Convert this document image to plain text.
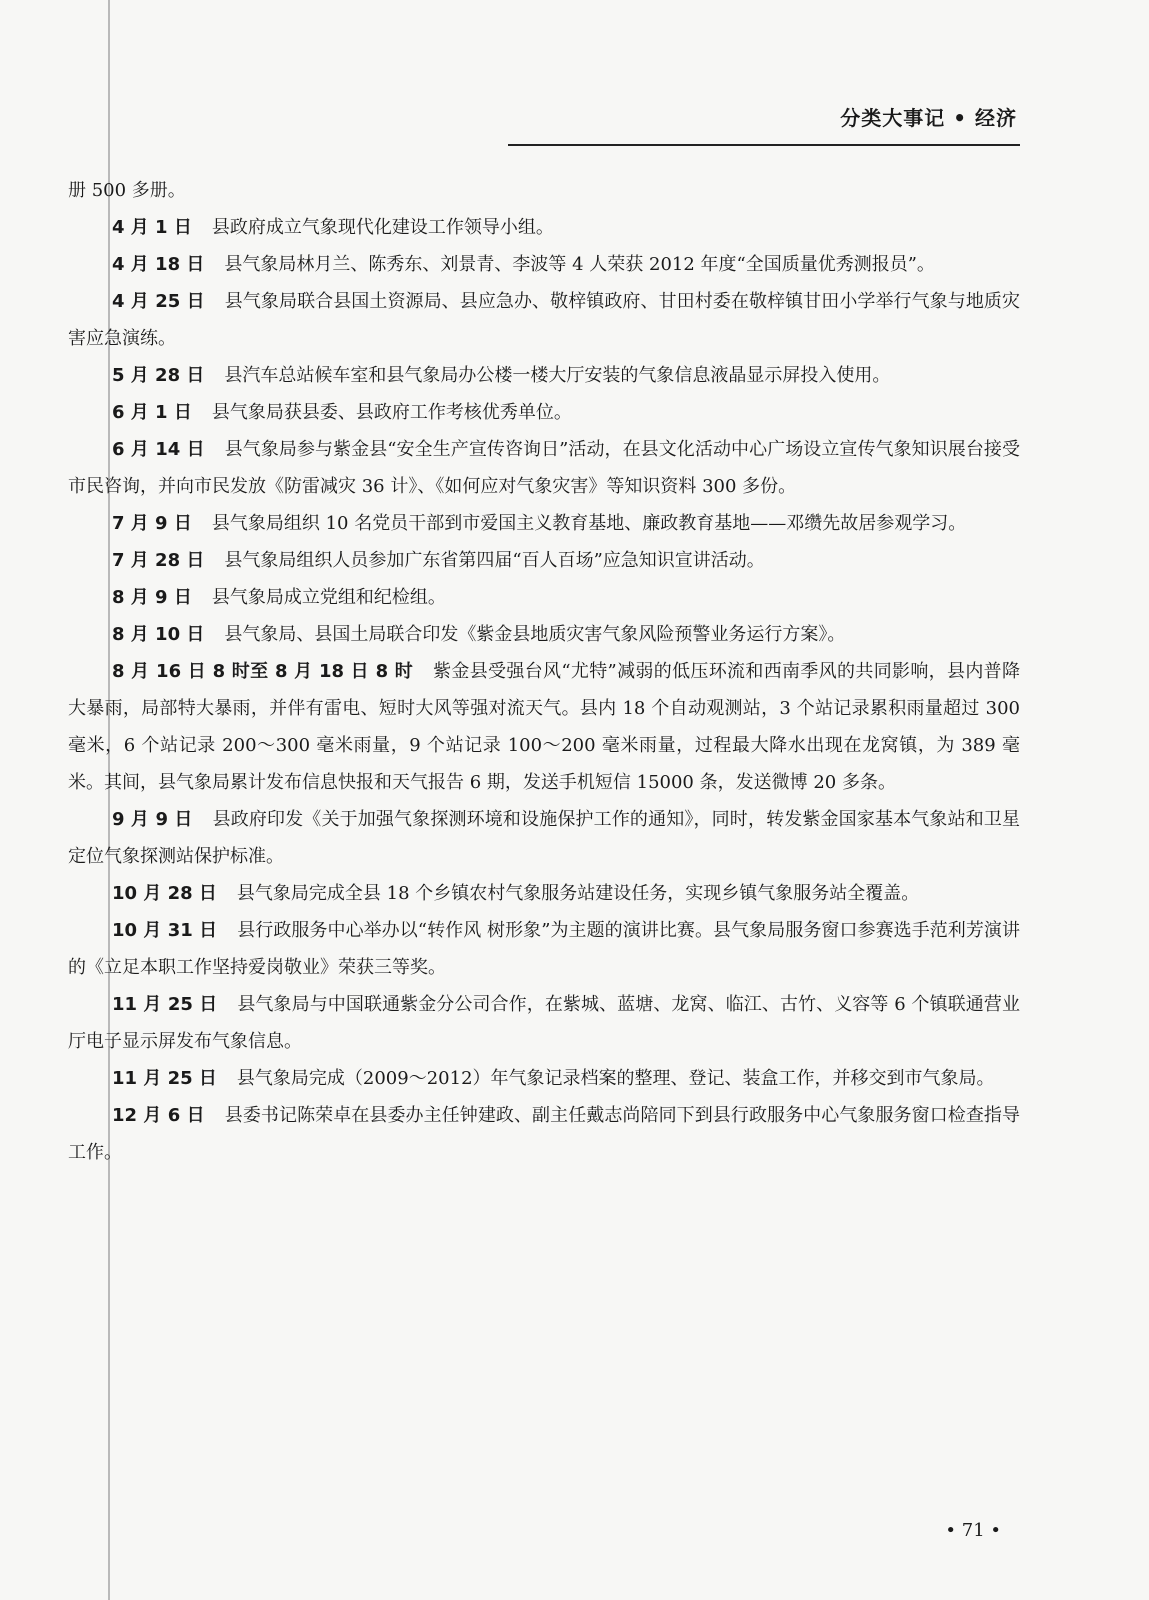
分类大事记 • 经济

册 500 多册。

4 月 1 日 县政府成立气象现代化建设工作领导小组。

4 月 18 日 县气象局林月兰、陈秀东、刘景青、李波等 4 人荣获 2012 年度“全国质量优秀测报员”。

4 月 25 日 县气象局联合县国土资源局、县应急办、敬梓镇政府、甘田村委在敬梓镇甘田小学举行气象与地质灾害应急演练。

5 月 28 日 县汽车总站候车室和县气象局办公楼一楼大厅安装的气象信息液晶显示屏投入使用。

6 月 1 日 县气象局获县委、县政府工作考核优秀单位。

6 月 14 日 县气象局参与紫金县“安全生产宣传咨询日”活动，在县文化活动中心广场设立宣传气象知识展台接受市民咨询，并向市民发放《防雷减灾 36 计》、《如何应对气象灾害》等知识资料 300 多份。

7 月 9 日 县气象局组织 10 名党员干部到市爱国主义教育基地、廉政教育基地——邓缵先故居参观学习。

7 月 28 日 县气象局组织人员参加广东省第四届“百人百场”应急知识宣讲活动。

8 月 9 日 县气象局成立党组和纪检组。

8 月 10 日 县气象局、县国土局联合印发《紫金县地质灾害气象风险预警业务运行方案》。

8 月 16 日 8 时至 8 月 18 日 8 时 紫金县受强台风“尤特”减弱的低压环流和西南季风的共同影响，县内普降大暴雨，局部特大暴雨，并伴有雷电、短时大风等强对流天气。县内 18 个自动观测站，3 个站记录累积雨量超过 300 毫米，6 个站记录 200～300 毫米雨量，9 个站记录 100～200 毫米雨量，过程最大降水出现在龙窝镇，为 389 毫米。其间，县气象局累计发布信息快报和天气报告 6 期，发送手机短信 15000 条，发送微博 20 多条。

9 月 9 日 县政府印发《关于加强气象探测环境和设施保护工作的通知》，同时，转发紫金国家基本气象站和卫星定位气象探测站保护标准。

10 月 28 日 县气象局完成全县 18 个乡镇农村气象服务站建设任务，实现乡镇气象服务站全覆盖。

10 月 31 日 县行政服务中心举办以“转作风 树形象”为主题的演讲比赛。县气象局服务窗口参赛选手范利芳演讲的《立足本职工作坚持爱岗敬业》荣获三等奖。

11 月 25 日 县气象局与中国联通紫金分公司合作，在紫城、蓝塘、龙窝、临江、古竹、义容等 6 个镇联通营业厅电子显示屏发布气象信息。

11 月 25 日 县气象局完成（2009～2012）年气象记录档案的整理、登记、装盒工作，并移交到市气象局。

12 月 6 日 县委书记陈荣卓在县委办主任钟建政、副主任戴志尚陪同下到县行政服务中心气象服务窗口检查指导工作。

• 71 •
